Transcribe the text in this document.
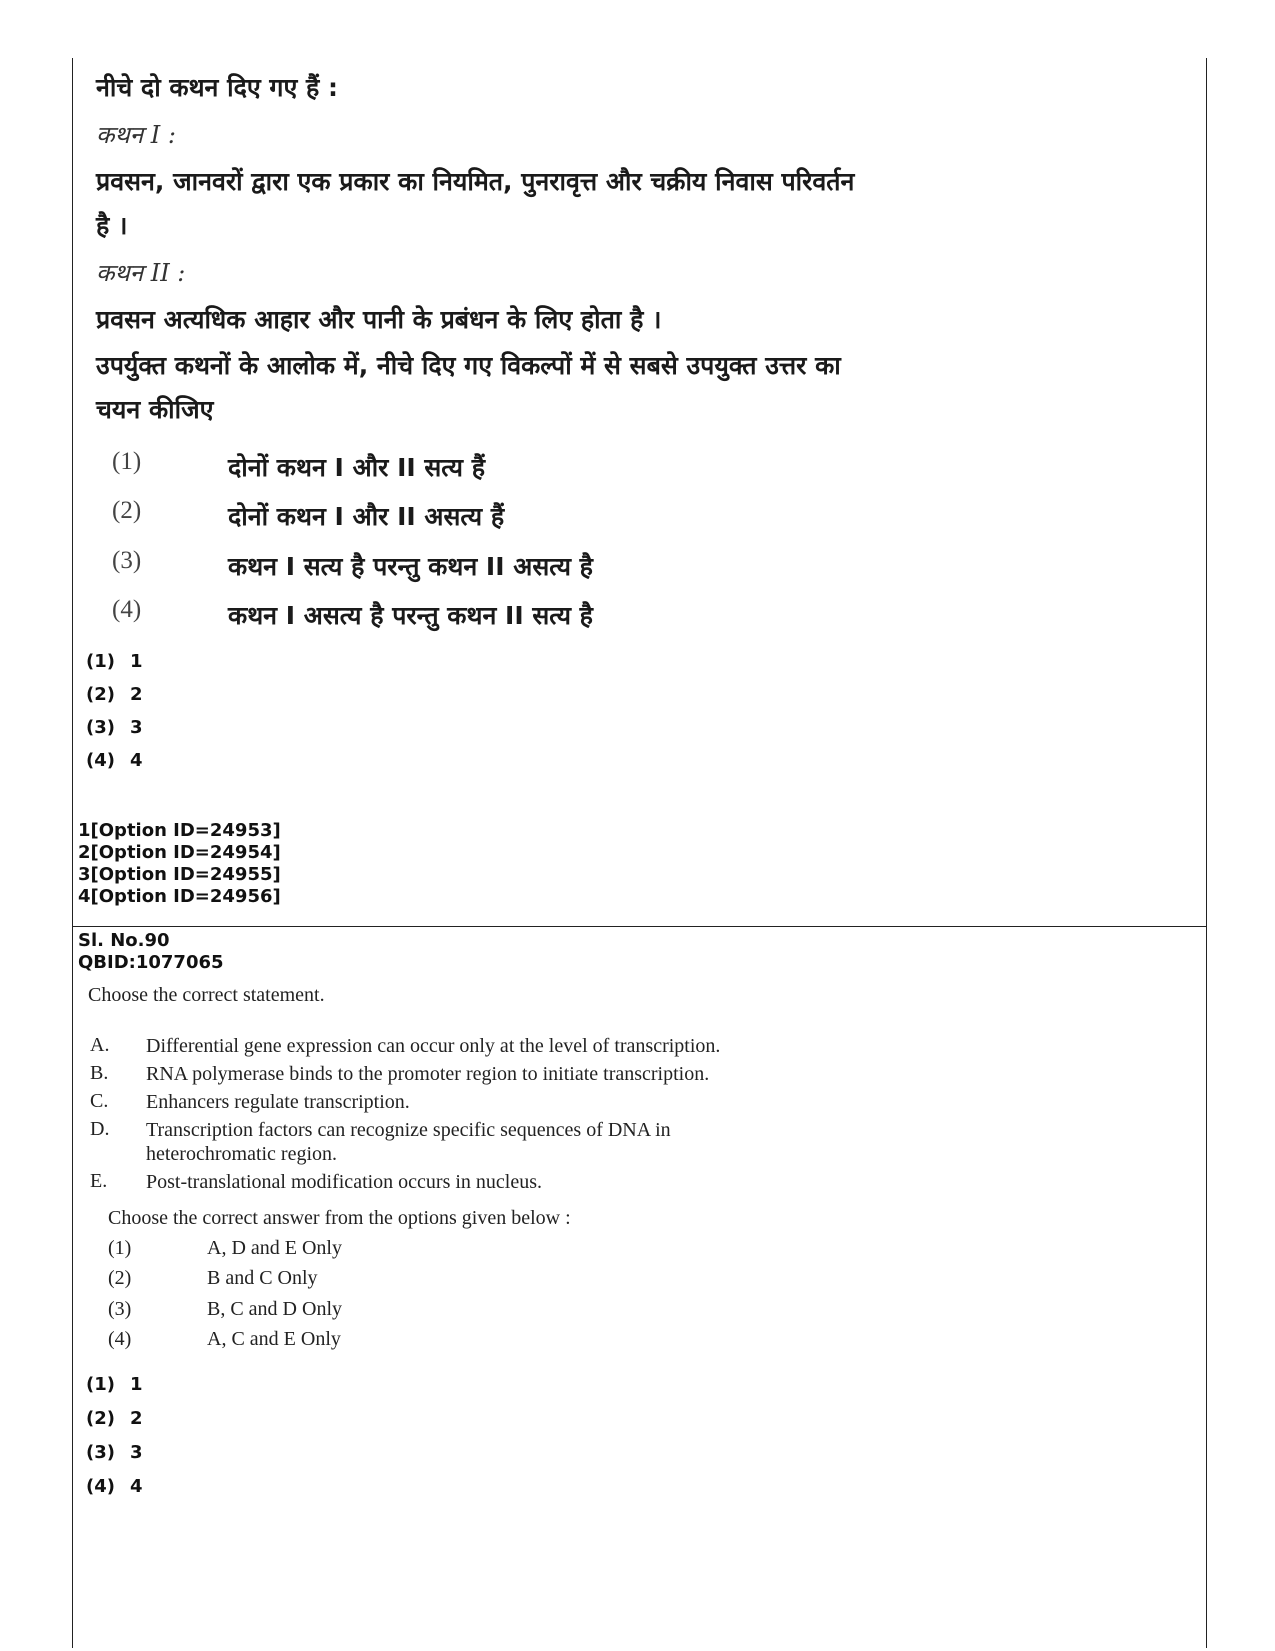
नीचे दो कथन दिए गए हैं :
कथन I :
प्रवसन, जानवरों द्वारा एक प्रकार का नियमित, पुनरावृत्त और चक्रीय निवास परिवर्तन
है ।
कथन II :
प्रवसन अत्यधिक आहार और पानी के प्रबंधन के लिए होता है ।
उपर्युक्त कथनों के आलोक में, नीचे दिए गए विकल्पों में से सबसे उपयुक्त उत्तर का
चयन कीजिए
(1)	दोनों कथन I और II सत्य हैं
(2)	दोनों कथन I और II असत्य हैं
(3)	कथन I सत्य है परन्तु कथन II असत्य है
(4)	कथन I असत्य है परन्तु कथन II सत्य है
(1) 1
(2) 2
(3) 3
(4) 4
1[Option ID=24953]
2[Option ID=24954]
3[Option ID=24955]
4[Option ID=24956]
Sl. No.90
QBID:1077065
Choose the correct statement.
A. Differential gene expression can occur only at the level of transcription.
B. RNA polymerase binds to the promoter region to initiate transcription.
C. Enhancers regulate transcription.
D. Transcription factors can recognize specific sequences of DNA in heterochromatic region.
E. Post-translational modification occurs in nucleus.
Choose the correct answer from the options given below :
(1)	A, D and E Only
(2)	B and C Only
(3)	B, C and D Only
(4)	A, C and E Only
(1) 1
(2) 2
(3) 3
(4) 4
